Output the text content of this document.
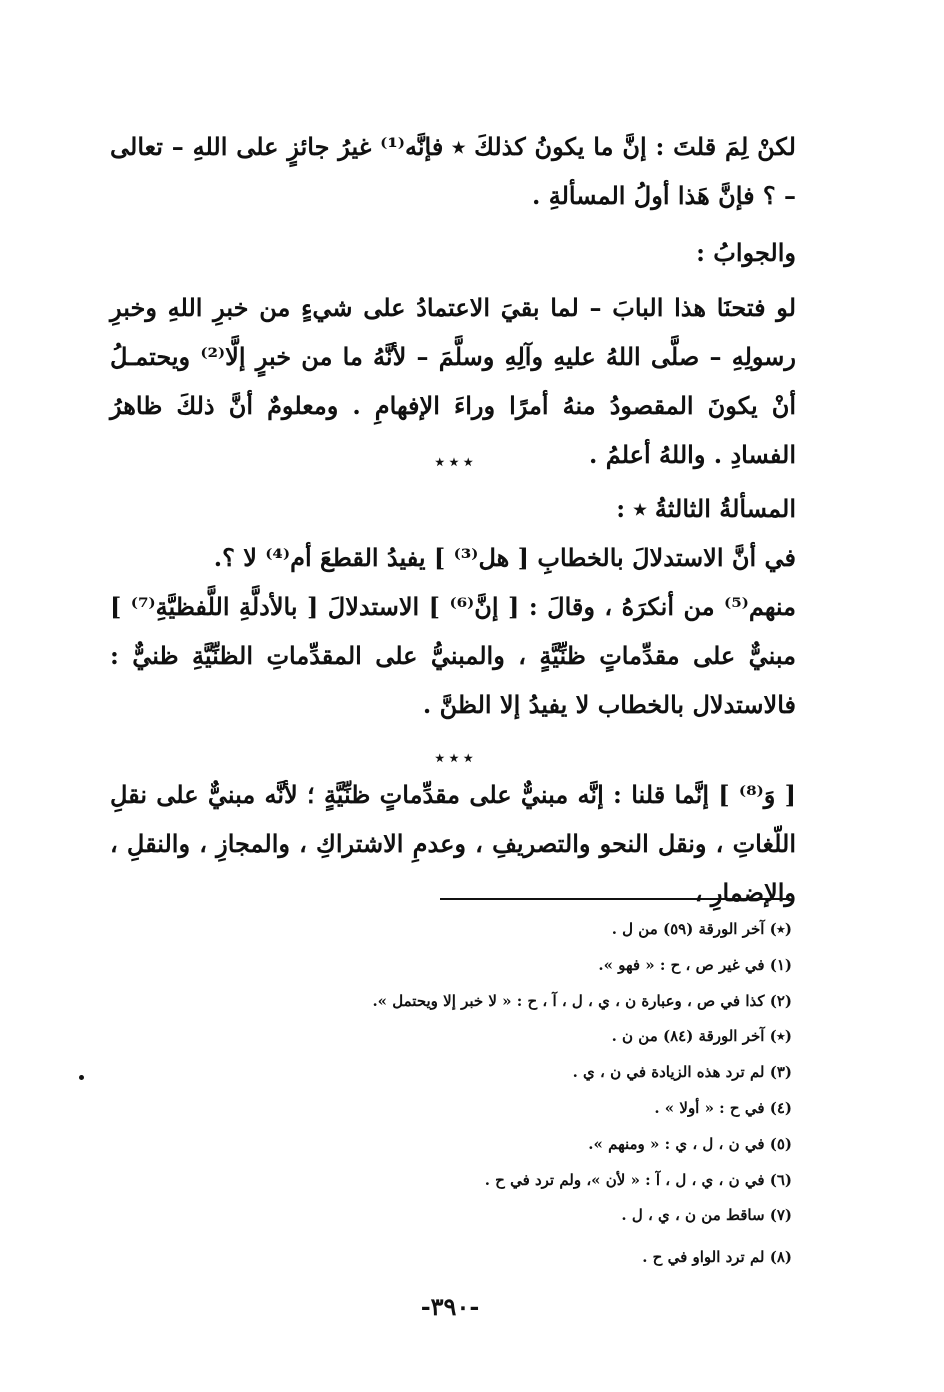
لكنْ لِمَ قلتَ : إنَّ ما يكونُ كذلكَ ٭ فإنَّه⁽¹⁾ غيرُ جائزٍ على اللهِ – تعالى – ؟ فإنَّ هَذا أولُ المسألةِ .

والجوابُ :

لو فتحنَا هذا البابَ – لما بقيَ الاعتمادُ على شيءٍ من خبرِ اللهِ وخبرِ رسولِهِ – صلَّى اللهُ عليهِ وآلِهِ وسلَّمَ – لأنَّهُ ما من خبرٍ إلَّا⁽²⁾ ويحتمـلُ أنْ يكونَ المقصودُ منهُ أمرًا وراءَ الإفهامِ . ومعلومٌ أنَّ ذلكَ ظاهرُ الفسادِ . واللهُ أعلمُ .

٭ ٭ ٭

المسألةُ الثالثةُ ٭ :

في أنَّ الاستدلالَ بالخطابِ [ هل⁽³⁾ ] يفيدُ القطعَ أم⁽⁴⁾ لا ؟.

منهم⁽⁵⁾ من أنكرَهُ ، وقالَ : [ إنَّ⁽⁶⁾ ] الاستدلالَ [ بالأدلَّةِ اللَّفظيَّةِ⁽⁷⁾ ] مبنيٌّ على مقدِّماتٍ ظنِّيَّةٍ ، والمبنيُّ على المقدِّماتِ الظنِّيَّةِ ظنيٌّ : فالاستدلال بالخطاب لا يفيدُ إلا الظنَّ .

٭ ٭ ٭

[ وَ⁽⁸⁾ ] إنَّما قلنا : إنَّه مبنيٌّ على مقدِّماتٍ ظنِّيَّةٍ ؛ لأنَّه مبنيٌّ على نقلِ اللّغاتِ ، ونقل النحو والتصريفِ ، وعدمِ الاشتراكِ ، والمجازِ ، والنقلِ ، والإضمارِ ،

(٭) آخر الورقة (٥٩) من ل .
(١) في غير ص ، ح : « فهو ».
(٢) كذا في ص ، وعبارة ن ، ي ، ل ، آ ، ح : « لا خبر إلا ويحتمل ».
(٭) آخر الورقة (٨٤) من ن .
(٣) لم ترد هذه الزيادة في ن ، ي .
(٤) في ح : « أولا » .
(٥) في ن ، ل ، ي : « ومنهم ».
(٦) في ن ، ي ، ل ، آ : « لأن »، ولم ترد في ح .
(٧) ساقط من ن ، ي ، ل .
(٨) لم ترد الواو في ح .
-٣٩٠-
